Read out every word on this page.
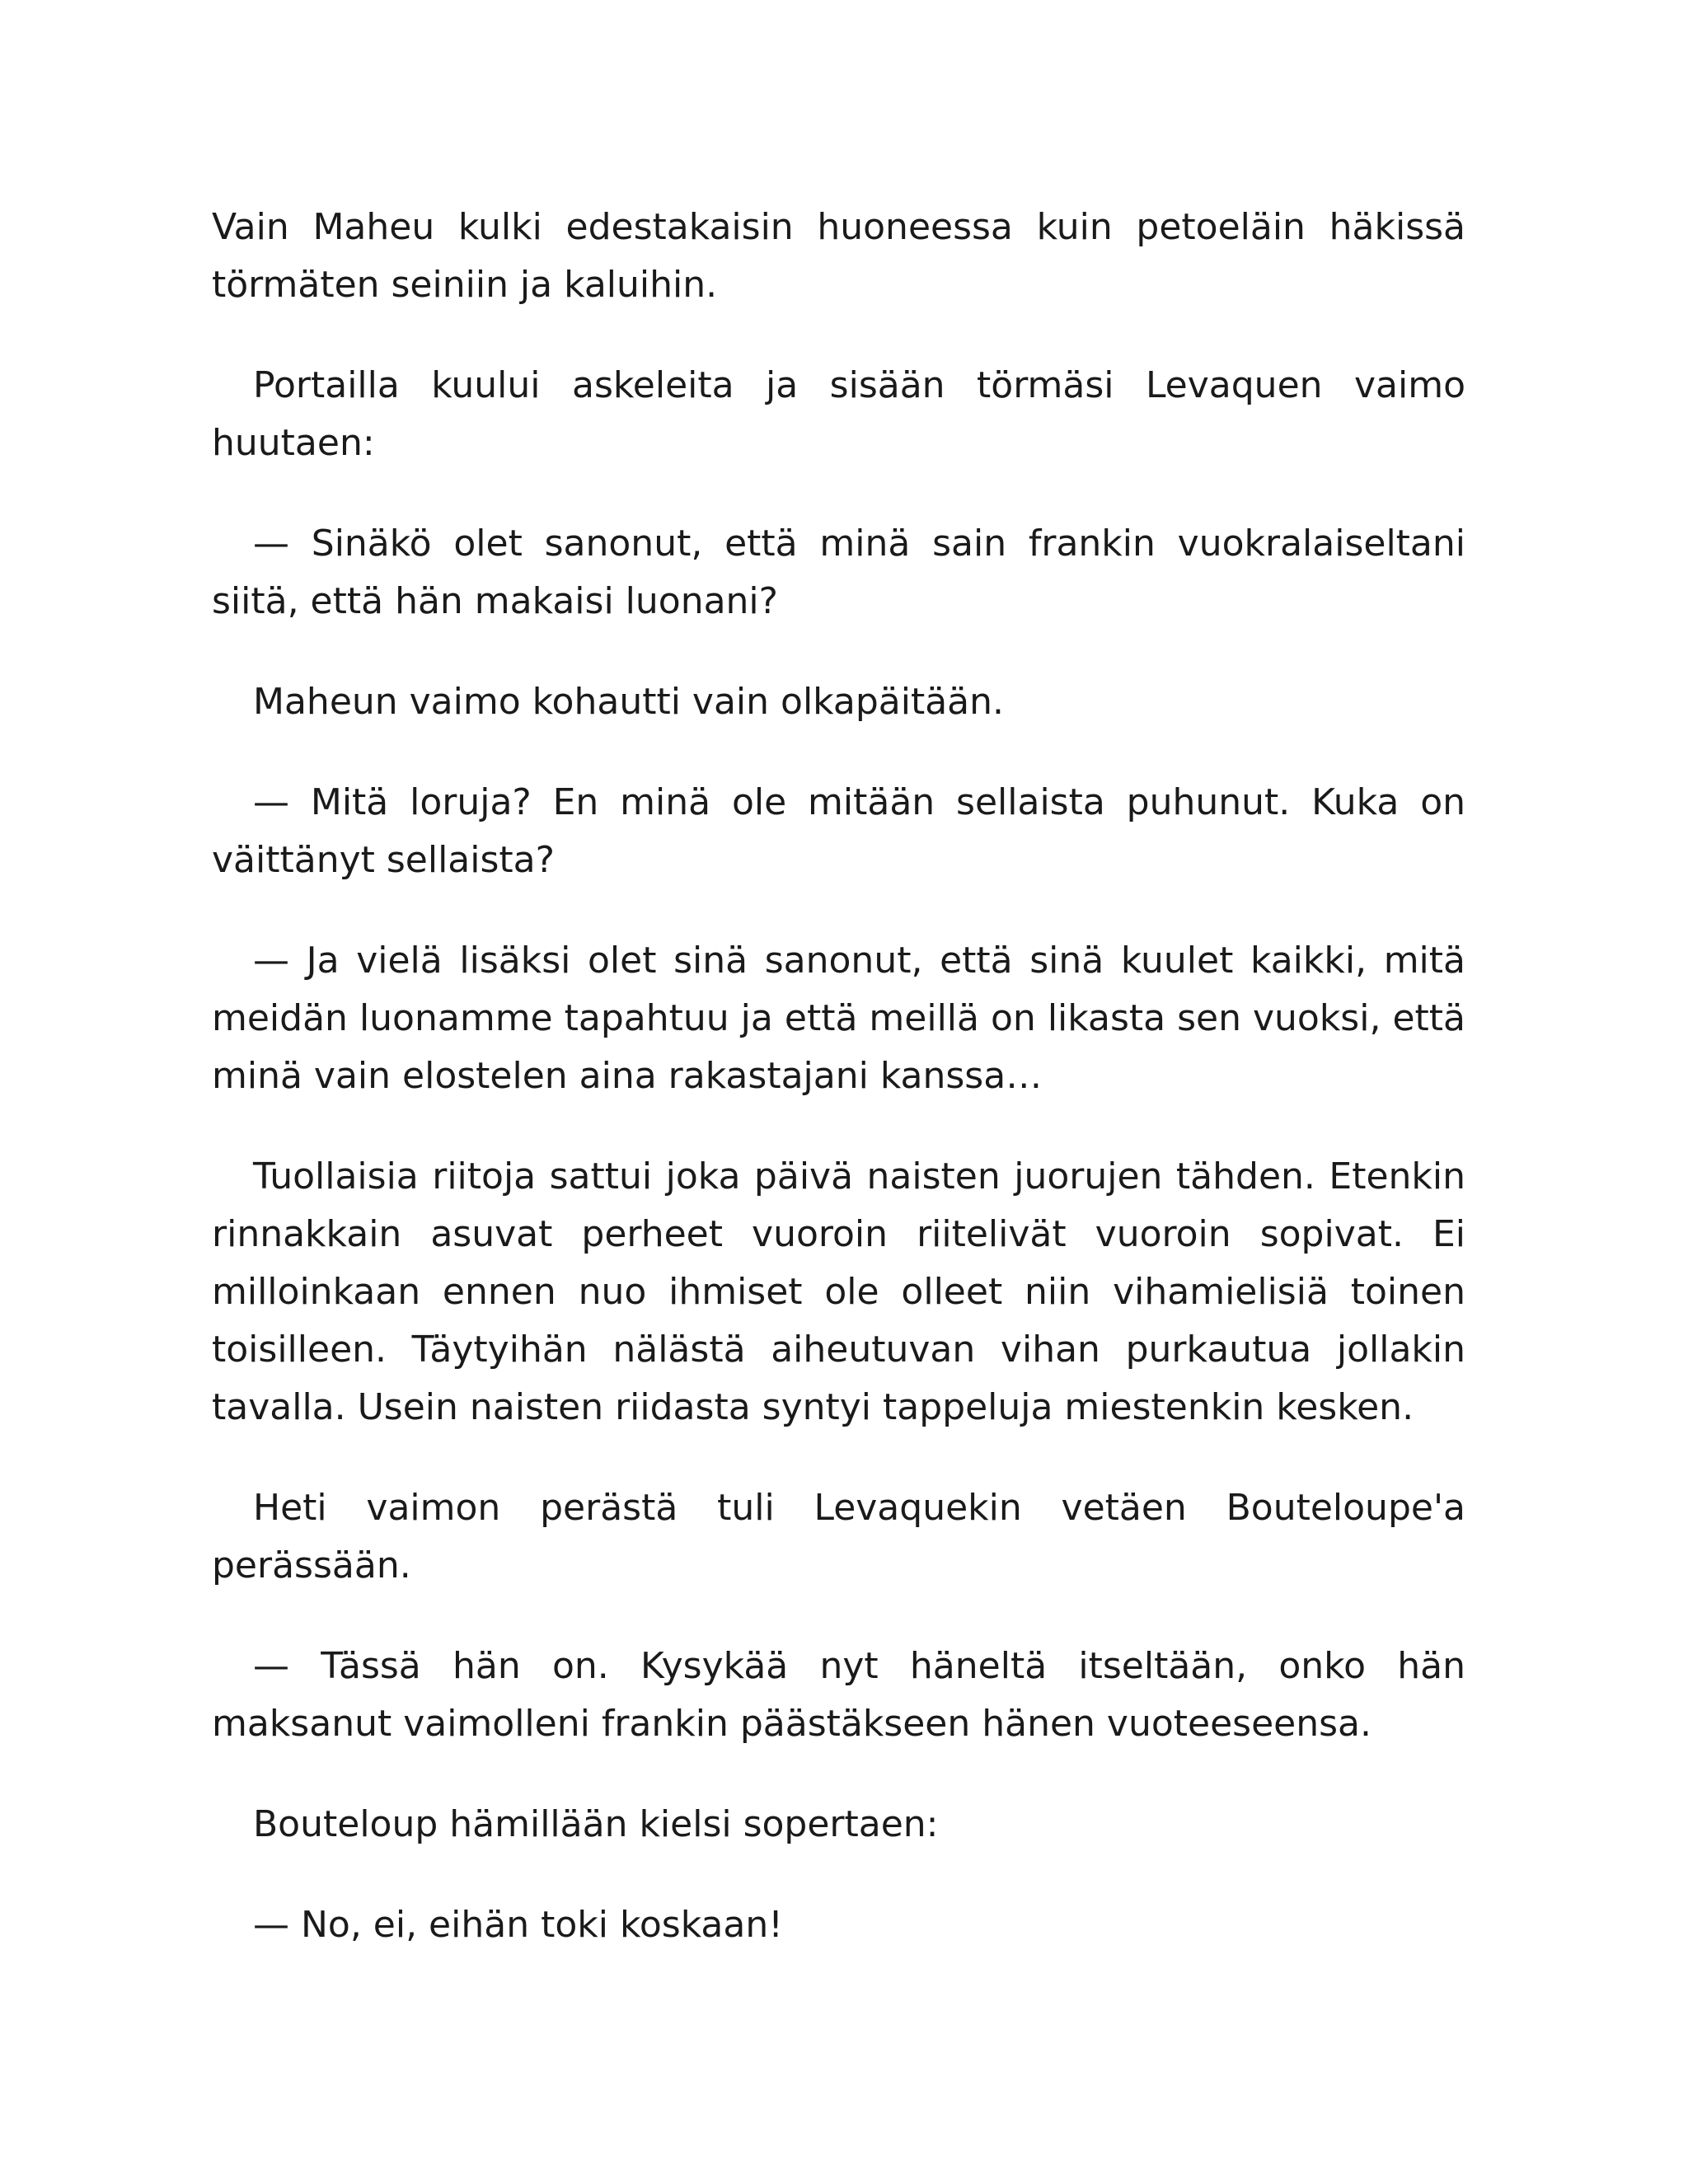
Vain Maheu kulki edestakaisin huoneessa kuin petoeläin häkissä törmäten seiniin ja kaluihin.

Portailla kuului askeleita ja sisään törmäsi Levaquen vaimo huutaen:

— Sinäkö olet sanonut, että minä sain frankin vuokralaiseltani siitä, että hän makaisi luonani?

Maheun vaimo kohautti vain olkapäitään.

— Mitä loruja? En minä ole mitään sellaista puhunut. Kuka on väittänyt sellaista?

— Ja vielä lisäksi olet sinä sanonut, että sinä kuulet kaikki, mitä meidän luonamme tapahtuu ja että meillä on likasta sen vuoksi, että minä vain elostelen aina rakastajani kanssa…

Tuollaisia riitoja sattui joka päivä naisten juorujen tähden. Etenkin rinnakkain asuvat perheet vuoroin riitelivät vuoroin sopivat. Ei milloinkaan ennen nuo ihmiset ole olleet niin vihamielisiä toinen toisilleen. Täytyihän nälästä aiheutuvan vihan purkautua jollakin tavalla. Usein naisten riidasta syntyi tappeluja miestenkin kesken.

Heti vaimon perästä tuli Levaquekin vetäen Bouteloupe'a perässään.

— Tässä hän on. Kysykää nyt häneltä itseltään, onko hän maksanut vaimolleni frankin päästäkseen hänen vuoteeseensa.

Bouteloup hämillään kielsi sopertaen:

— No, ei, eihän toki koskaan!
